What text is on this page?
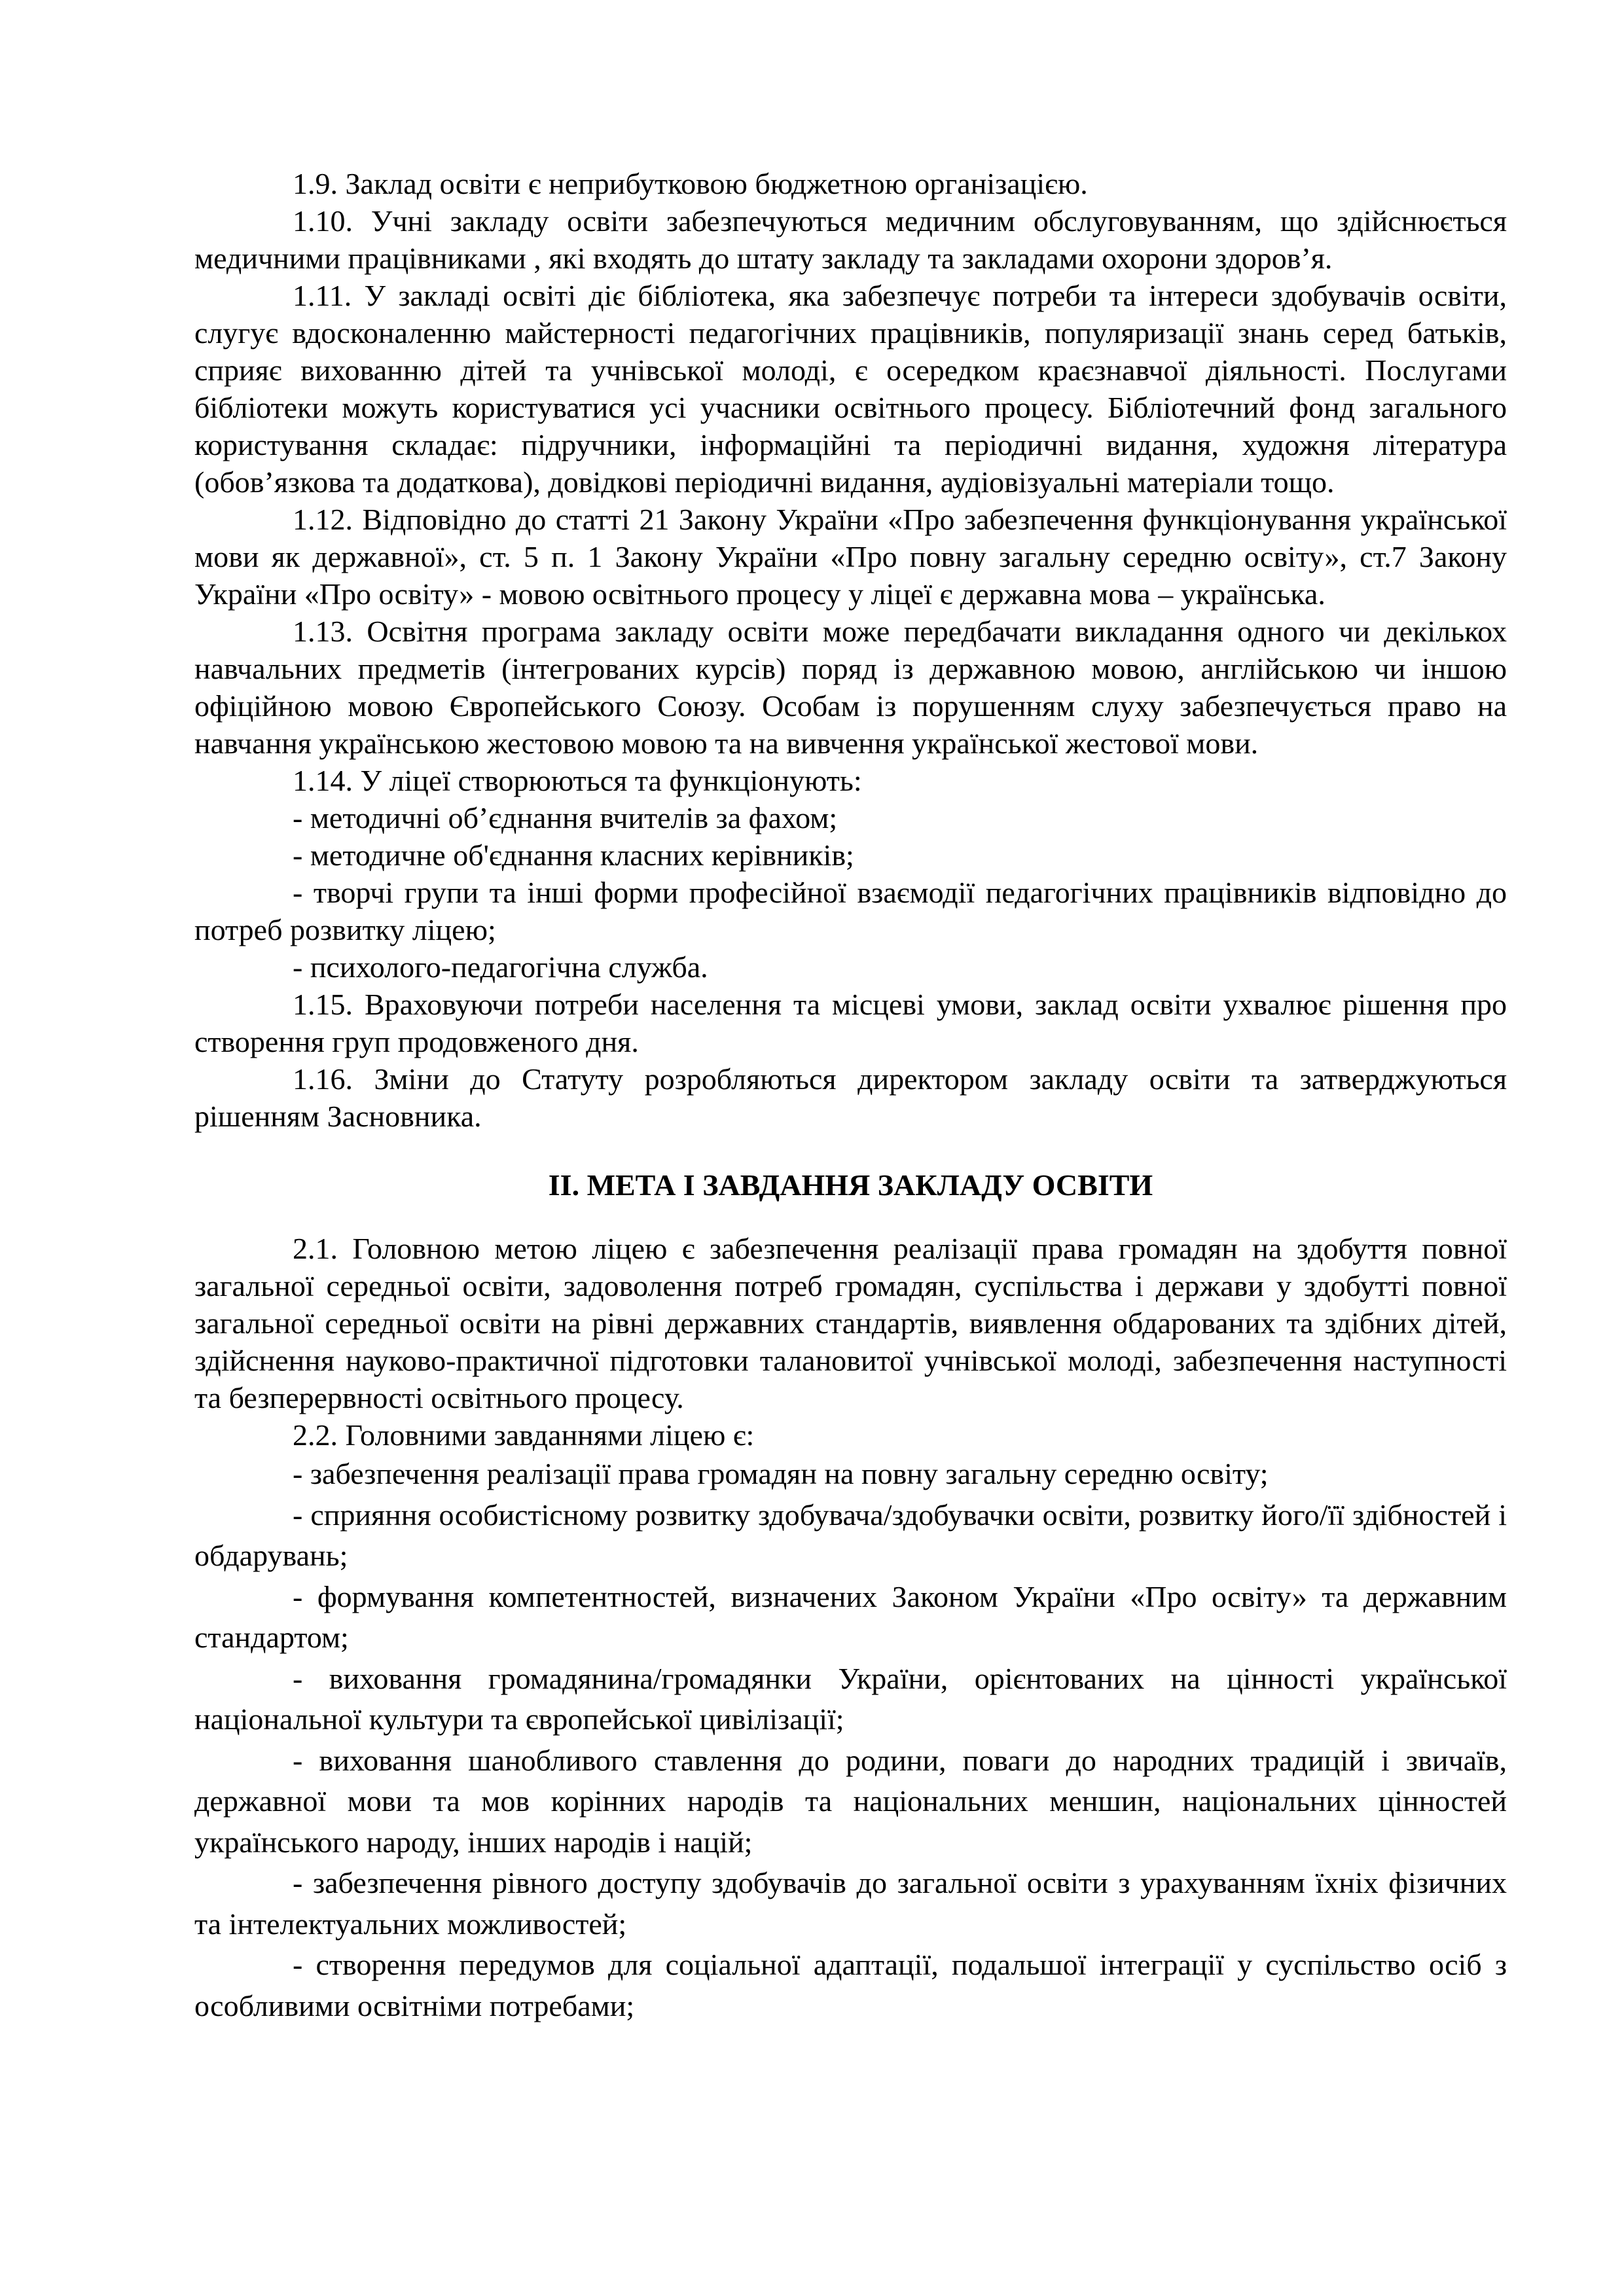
1.9. Заклад освіти є неприбутковою бюджетною організацією.

1.10. Учні закладу освіти забезпечуються медичним обслуговуванням, що здійснюється медичними працівниками , які входять до штату закладу та закладами охорони здоров’я.

1.11. У закладі освіті діє бібліотека, яка забезпечує потреби та інтереси здобувачів освіти, слугує вдосконаленню майстерності педагогічних працівників, популяризації знань серед батьків, сприяє вихованню дітей та учнівської молоді, є осередком краєзнавчої діяльності. Послугами бібліотеки можуть користуватися усі учасники освітнього процесу. Бібліотечний фонд загального користування складає: підручники, інформаційні та періодичні видання, художня література (обов’язкова та додаткова), довідкові періодичні видання, аудіовізуальні матеріали тощо.

1.12. Відповідно до статті 21 Закону України «Про забезпечення функціонування української мови як державної», ст. 5 п. 1 Закону України «Про повну загальну середню освіту», ст.7 Закону України «Про освіту» - мовою освітнього процесу у ліцеї є державна мова – українська.

1.13. Освітня програма закладу освіти може передбачати викладання одного чи декількох навчальних предметів (інтегрованих курсів) поряд із державною мовою, англійською чи іншою офіційною мовою Європейського Союзу. Особам із порушенням слуху забезпечується право на навчання українською жестовою мовою та на вивчення української жестової мови.

1.14. У ліцеї створюються та функціонують:

- методичні об’єднання вчителів за фахом;

- методичне об'єднання класних керівників;

- творчі групи та інші форми професійної взаємодії педагогічних працівників відповідно до потреб розвитку ліцею;

- психолого-педагогічна служба.

1.15. Враховуючи потреби населення та місцеві умови, заклад освіти ухвалює рішення про створення груп продовженого дня.

1.16. Зміни до Статуту розробляються директором закладу освіти та затверджуються рішенням Засновника.

II. МЕТА І ЗАВДАННЯ ЗАКЛАДУ ОСВІТИ

2.1. Головною метою ліцею є забезпечення реалізації права громадян на здобуття повної загальної середньої освіти, задоволення потреб громадян, суспільства і держави у здобутті повної загальної середньої освіти на рівні державних стандартів, виявлення обдарованих та здібних дітей, здійснення науково-практичної підготовки талановитої учнівської молоді, забезпечення наступності та безперервності освітнього процесу.

2.2. Головними завданнями ліцею є:

- забезпечення реалізації права громадян на повну загальну середню освіту;

- сприяння особистісному розвитку здобувача/здобувачки освіти, розвитку його/її здібностей і обдарувань;

- формування компетентностей, визначених Законом України «Про освіту» та державним стандартом;

- виховання громадянина/громадянки України, орієнтованих на цінності української національної культури та європейської цивілізації;

- виховання шанобливого ставлення до родини, поваги до народних традицій і звичаїв, державної мови та мов корінних народів та національних меншин, національних цінностей українського народу, інших народів і націй;

- забезпечення рівного доступу здобувачів до загальної освіти з урахуванням їхніх фізичних та інтелектуальних можливостей;

- створення передумов для соціальної адаптації, подальшої інтеграції у суспільство осіб з особливими освітніми потребами;
